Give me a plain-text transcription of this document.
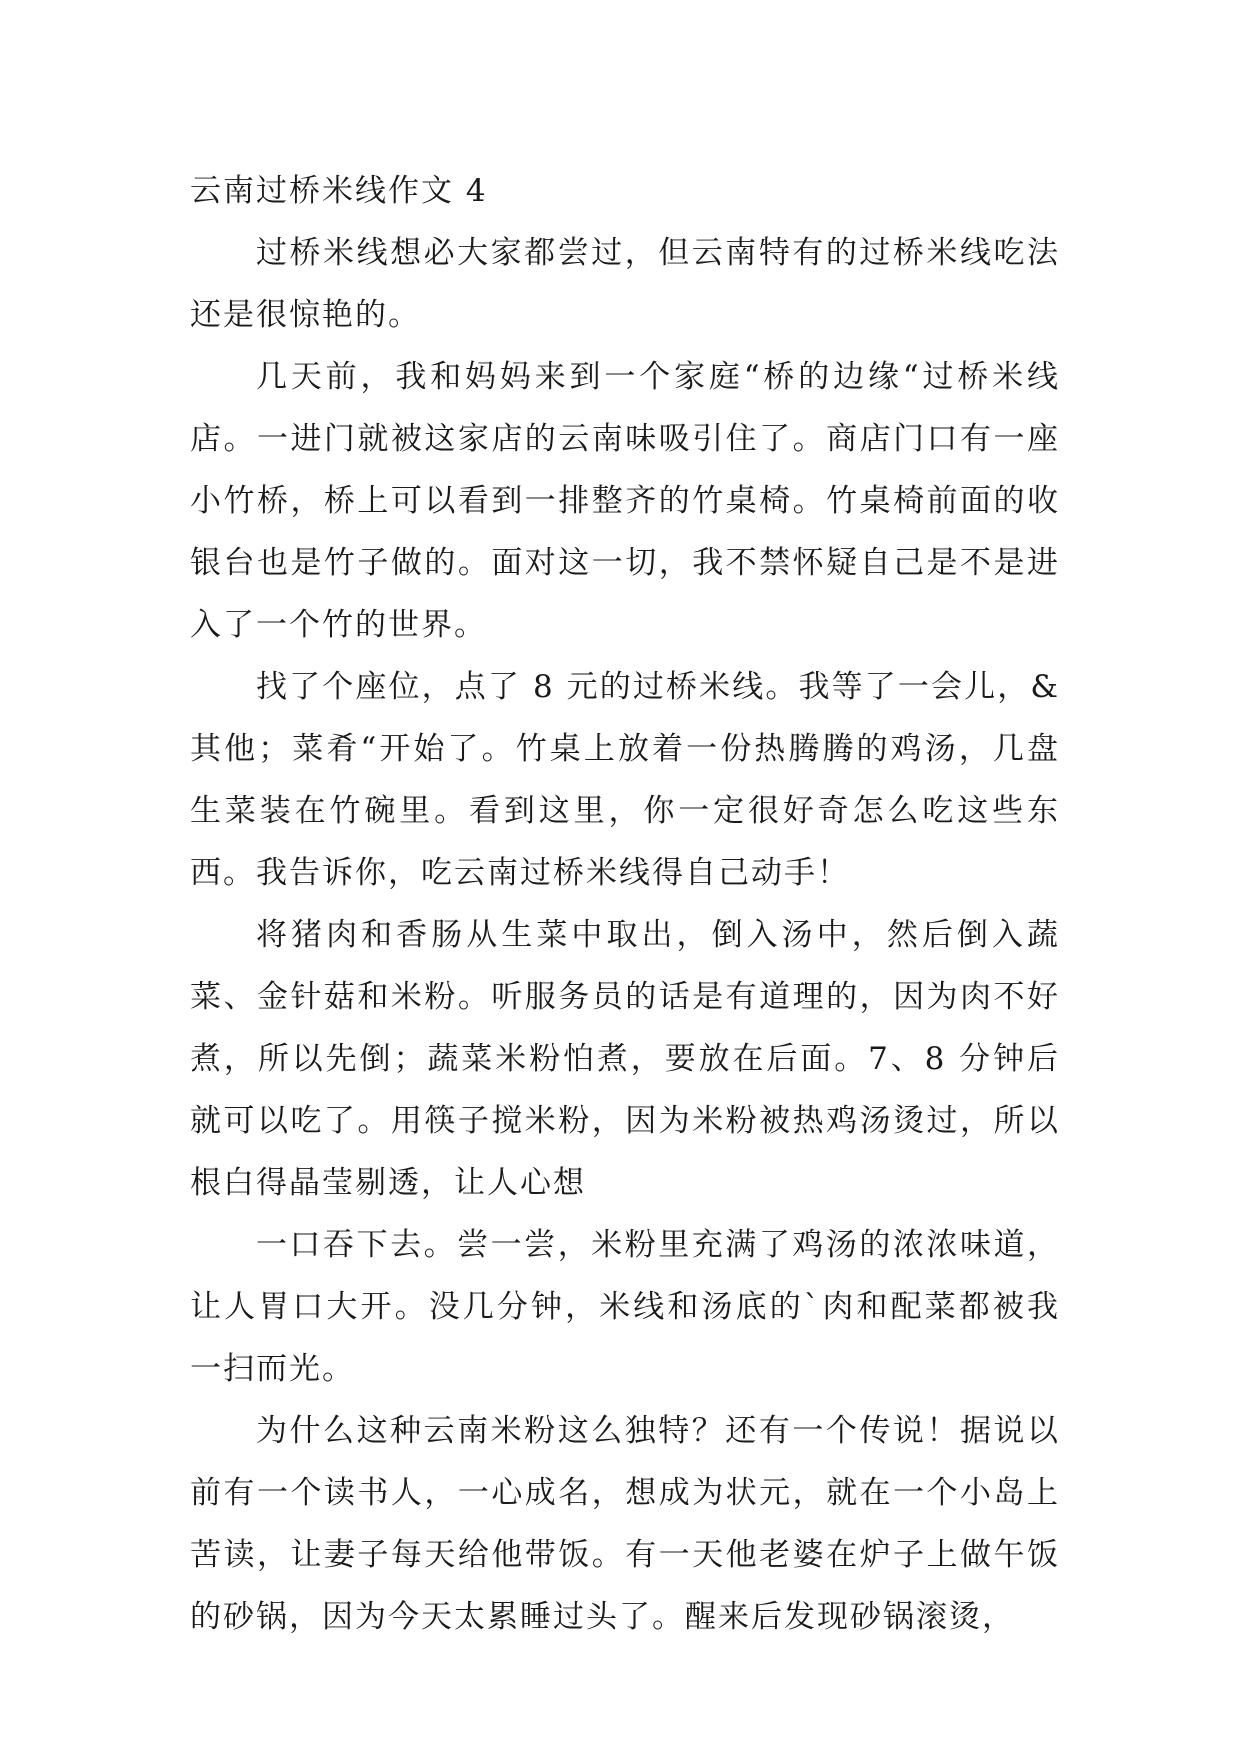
云南过桥米线作文 4

过桥米线想必大家都尝过，但云南特有的过桥米线吃法还是很惊艳的。

几天前，我和妈妈来到一个家庭“桥的边缘“过桥米线店。一进门就被这家店的云南味吸引住了。商店门口有一座小竹桥，桥上可以看到一排整齐的竹桌椅。竹桌椅前面的收银台也是竹子做的。面对这一切，我不禁怀疑自己是不是进入了一个竹的世界。

找了个座位，点了 8 元的过桥米线。我等了一会儿，&其他；菜肴“开始了。竹桌上放着一份热腾腾的鸡汤，几盘生菜装在竹碗里。看到这里，你一定很好奇怎么吃这些东西。我告诉你，吃云南过桥米线得自己动手！

将猪肉和香肠从生菜中取出，倒入汤中，然后倒入蔬菜、金针菇和米粉。听服务员的话是有道理的，因为肉不好煮，所以先倒；蔬菜米粉怕煮，要放在后面。7、8 分钟后就可以吃了。用筷子搅米粉，因为米粉被热鸡汤烫过，所以根白得晶莹剔透，让人心想

一口吞下去。尝一尝，米粉里充满了鸡汤的浓浓味道，让人胃口大开。没几分钟，米线和汤底的`肉和配菜都被我一扫而光。

为什么这种云南米粉这么独特？还有一个传说！据说以前有一个读书人，一心成名，想成为状元，就在一个小岛上苦读，让妻子每天给他带饭。有一天他老婆在炉子上做午饭的砂锅，因为今天太累睡过头了。醒来后发现砂锅滚烫，
